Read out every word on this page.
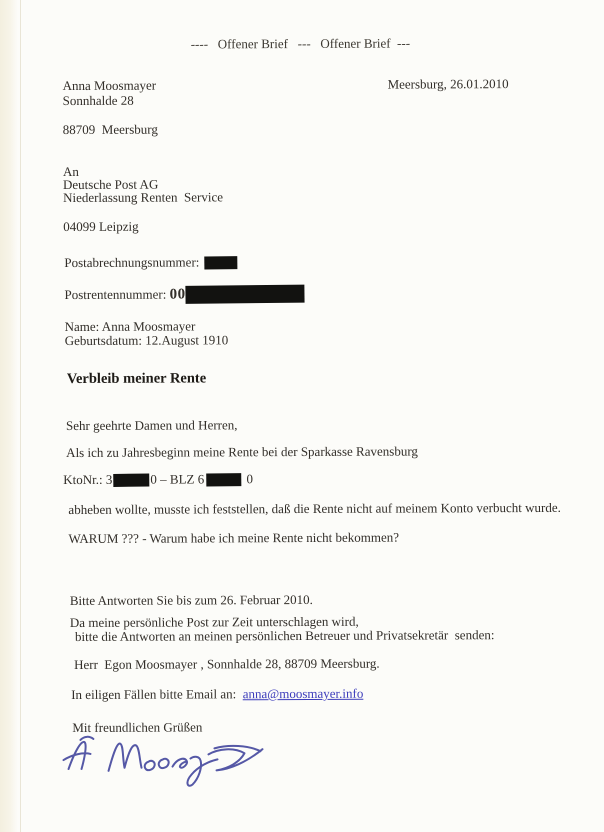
----   Offener Brief   ---   Offener Brief  ---
Anna Moosmayer	Meersburg, 26.01.2010
Sonnhalde 28
88709  Meersburg
An
Deutsche Post AG
Niederlassung Renten  Service
04099 Leipzig
Postabrechnungsnummer:
Postrentennummer: 00
Name: Anna Moosmayer
Geburtsdatum: 12.August 1910
Verbleib meiner Rente
Sehr geehrte Damen und Herren,
Als ich zu Jahresbeginn meine Rente bei der Sparkasse Ravensburg
KtoNr.: 3	0 – BLZ 6	0
abheben wollte, musste ich feststellen, daß die Rente nicht auf meinem Konto verbucht wurde.
WARUM ??? - Warum habe ich meine Rente nicht bekommen?
Bitte Antworten Sie bis zum 26. Februar 2010.
Da meine persönliche Post zur Zeit unterschlagen wird,
bitte die Antworten an meinen persönlichen Betreuer und Privatsekretär  senden:
Herr  Egon Moosmayer , Sonnhalde 28, 88709 Meersburg.
In eiligen Fällen bitte Email an:  anna@moosmayer.info
Mit freundlichen Grüßen
